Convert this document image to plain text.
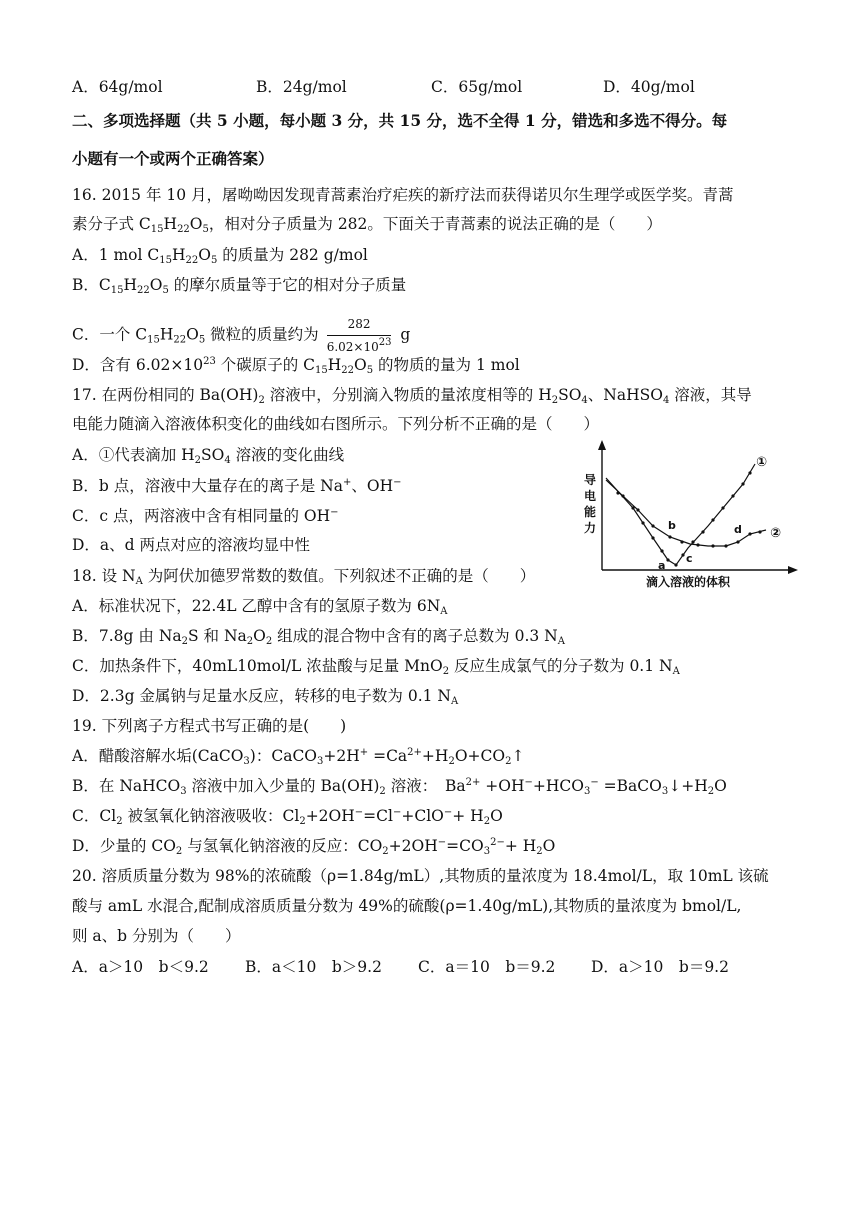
A．64g/mol	B．24g/mol	C．65g/mol	D．40g/mol
二、多项选择题（共 5 小题，每小题 3 分，共 15 分，选不全得 1 分，错选和多选不得分。每
小题有一个或两个正确答案）
16. 2015 年 10 月，屠呦呦因发现青蒿素治疗疟疾的新疗法而获得诺贝尔生理学或医学奖。青蒿
素分子式 $C_{15}H_{22}O_5$，相对分子质量为 282。下面关于青蒿素的说法正确的是（　　）
A．1 mol $C_{15}H_{22}O_5$ 的质量为 282 g/mol
B．$C_{15}H_{22}O_5$ 的摩尔质量等于它的相对分子质量
C．一个 $C_{15}H_{22}O_5$ 微粒的质量约为 $\frac{282}{6.02\times 10^{23}}$ g
D．含有 $6.02\times 10^{23}$ 个碳原子的 $C_{15}H_{22}O_5$ 的物质的量为 1 mol
17. 在两份相同的 $Ba(OH)_2$ 溶液中，分别滴入物质的量浓度相等的 $H_2SO_4$、NaHSO$_4$ 溶液，其导
电能力随滴入溶液体积变化的曲线如右图所示。下列分析不正确的是（　　）
A．①代表滴加 $H_2SO_4$ 溶液的变化曲线
B．b 点，溶液中大量存在的离子是 Na+、OH−
C．c 点，两溶液中含有相同量的 OH−
D．a、d 两点对应的溶液均显中性
导
电
能
力
滴入溶液的体积
①
②
a
b
c
d
18. 设 $N_A$ 为阿伏加德罗常数的数值。下列叙述不正确的是（　　）
A．标准状况下，22.4L 乙醇中含有的氢原子数为 $6N_A$
B．7.8g 由 $Na_2S$ 和 $Na_2O_2$ 组成的混合物中含有的离子总数为 0.3 $N_A$
C．加热条件下，40mL10mol/L 浓盐酸与足量 MnO$_2$ 反应生成氯气的分子数为 0.1 $N_A$
D．2.3g 金属钠与足量水反应，转移的电子数为 0.1 $N_A$
19. 下列离子方程式书写正确的是(　　)
A．醋酸溶解水垢(CaCO$_3$)：CaCO$_3$+2H+ $=Ca^{2+}+H_2O+CO_2↑$
B．在 NaHCO$_3$ 溶液中加入少量的 $Ba(OH)_2$ 溶液：　$Ba^{2+} +OH^-+HCO_3^-$ $=BaCO_3↓+H_2O$
C．$Cl_2$ 被氢氧化钠溶液吸收：$Cl_2+2OH^-=Cl^-+ClO^-+ H_2O$
D．少量的 $CO_2$ 与氢氧化钠溶液的反应：$CO_2+2OH^-=CO_3^{2-}+ H_2O$
20. 溶质质量分数为 98%的浓硫酸（ρ=1.84g/mL）,其物质的量浓度为 18.4mol/L，取 10mL 该硫
酸与 amL 水混合,配制成溶质质量分数为 49%的硫酸(ρ=1.40g/mL),其物质的量浓度为 bmol/L,
则 a、b 分别为（　　）
A．a＞10　b＜9.2 B．a＜10　b＞9.2 C．a＝10　b＝9.2 D．a＞10　b＝9.2
